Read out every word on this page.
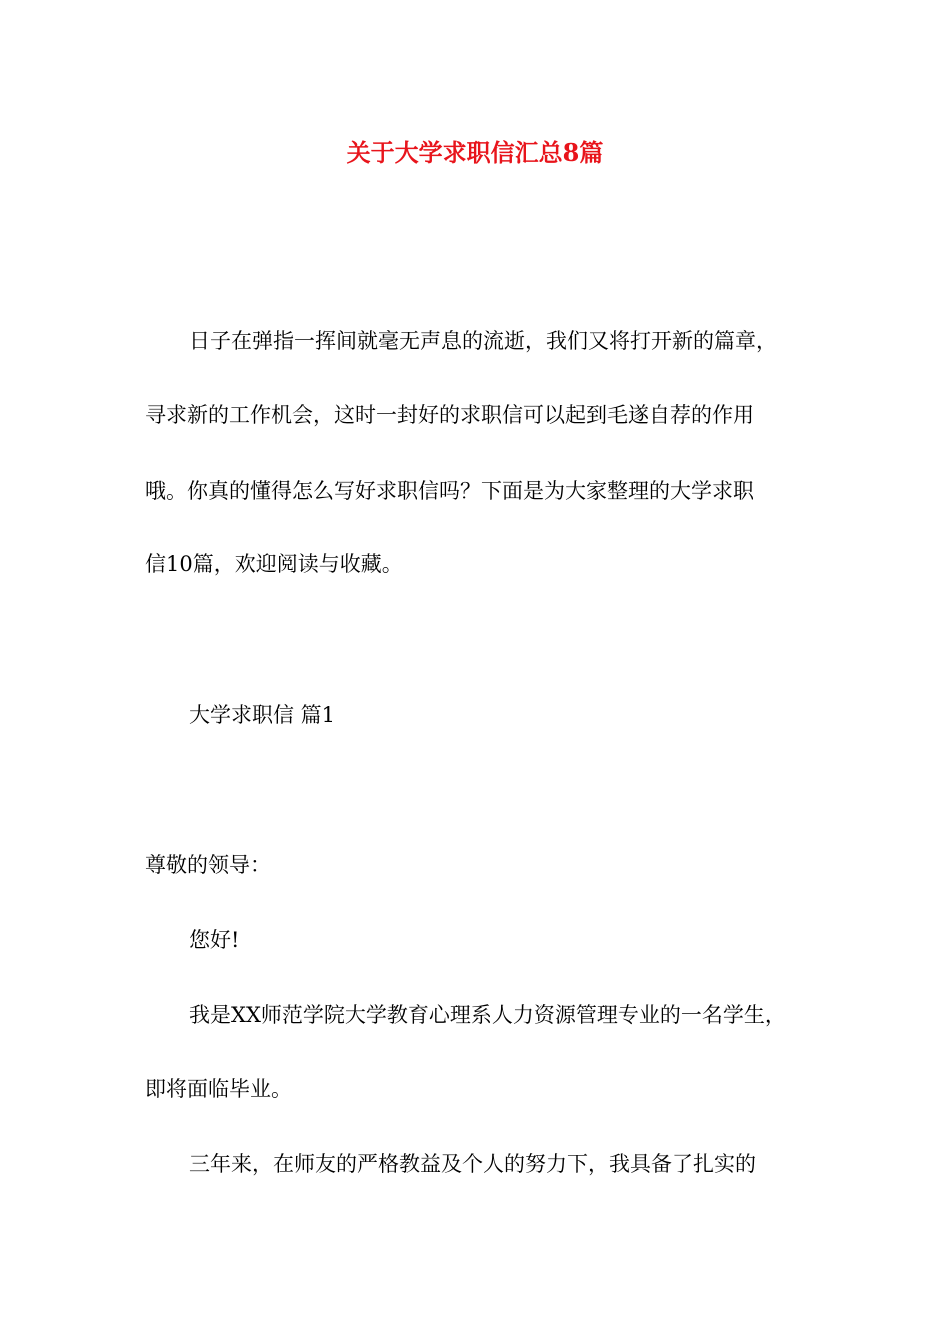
关于大学求职信汇总8篇

日子在弹指一挥间就毫无声息的流逝，我们又将打开新的篇章，

寻求新的工作机会，这时一封好的求职信可以起到毛遂自荐的作用

哦。你真的懂得怎么写好求职信吗？下面是为大家整理的大学求职

信10篇，欢迎阅读与收藏。

大学求职信 篇1

尊敬的领导：

您好!

我是XX师范学院大学教育心理系人力资源管理专业的一名学生，

即将面临毕业。

三年来，在师友的严格教益及个人的努力下，我具备了扎实的
